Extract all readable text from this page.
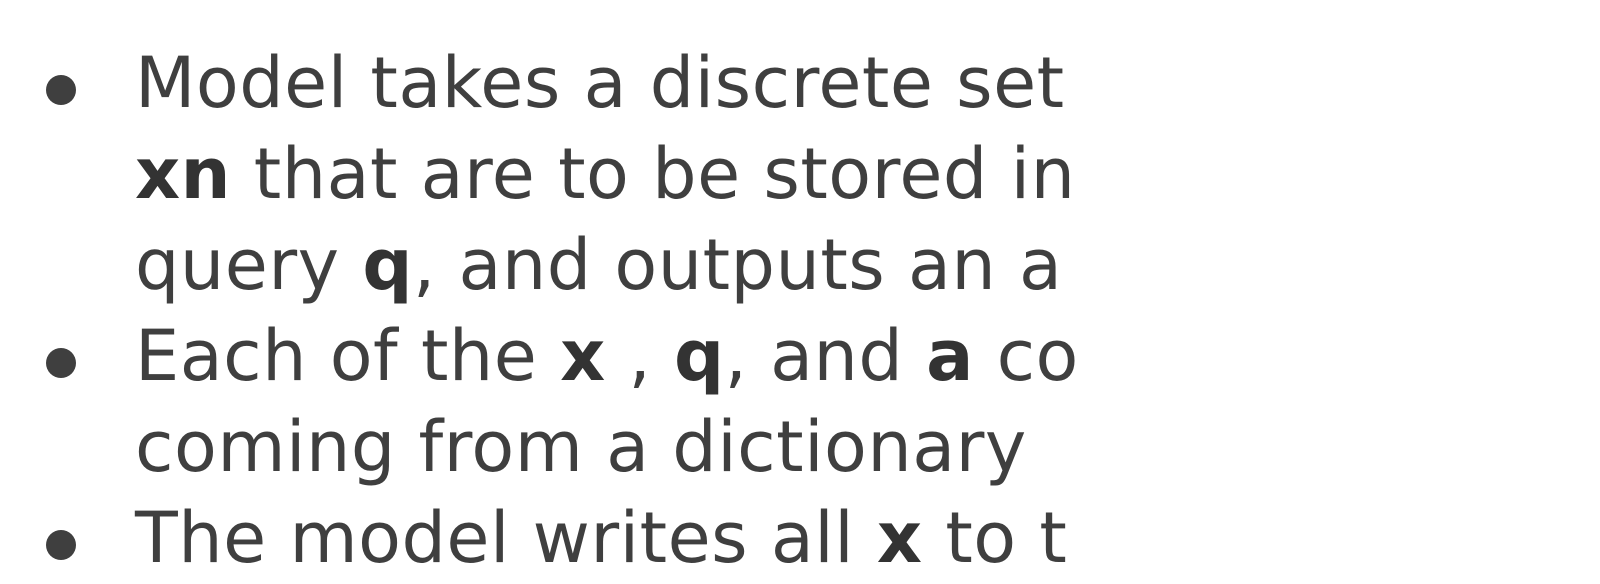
Model takes a discrete set
xn that are to be stored in
query q, and outputs an a
Each of the x , q, and a co
coming from a dictionary
The model writes all x to t
